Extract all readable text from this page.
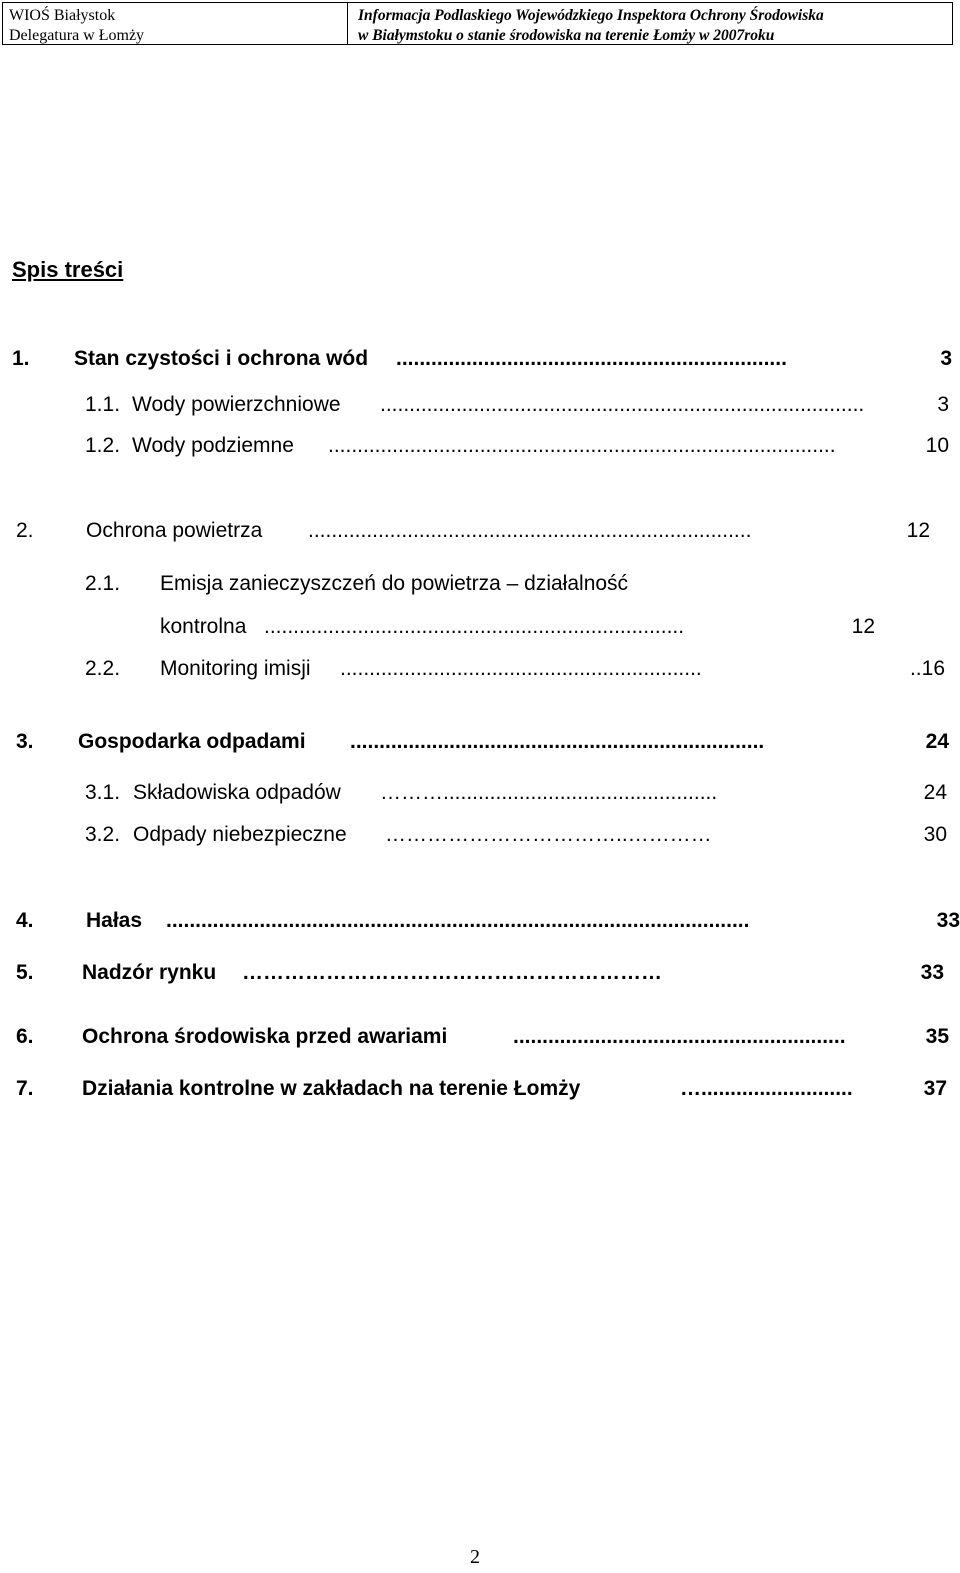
WIOŚ Białystok
Delegatura w Łomży
Informacja Podlaskiego Wojewódzkiego Inspektora Ochrony Środowiska
w Białymstoku o stanie środowiska na terenie Łomży w 2007roku
Spis treści
1. Stan czystości i ochrona wód ...................................................................	3
1.1. Wody powierzchniowe ...................................................................................	3
1.2. Wody podziemne .......................................................................................	10
2. Ochrona powietrza ............................................................................	12
2.1. Emisja zanieczyszczeń do powietrza – działalność
kontrolna ........................................................................	12
2.2. Monitoring imisji ..............................................................	..16
3. Gospodarka odpadami .......................................................................	24
3.1. Składowiska odpadów ………...............................................	24
3.2. Odpady niebezpieczne ……………………………..…………	30
4. Hałas ....................................................................................................	33
5. Nadzór rynku ……………………………………………………	33
6. Ochrona środowiska przed awariami	.........................................................	35
7. Działania kontrolne w zakładach na terenie Łomży	…..........................	37
2
